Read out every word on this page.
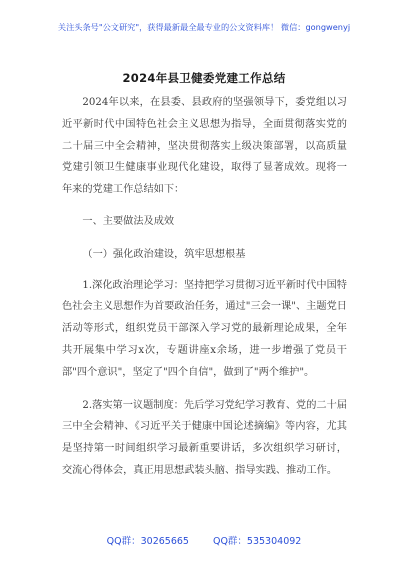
关注头条号"公文研究"，获得最新最全最专业的公文资料库！ 微信：gongwenyj
2024年县卫健委党建工作总结

2024年以来，在县委、县政府的坚强领导下，委党组以习近平新时代中国特色社会主义思想为指导，全面贯彻落实党的二十届三中全会精神，坚决贯彻落实上级决策部署，以高质量党建引领卫生健康事业现代化建设，取得了显著成效。现将一年来的党建工作总结如下：

一、主要做法及成效

（一）强化政治建设，筑牢思想根基

1.深化政治理论学习：坚持把学习贯彻习近平新时代中国特色社会主义思想作为首要政治任务，通过"三会一课"、主题党日活动等形式，组织党员干部深入学习党的最新理论成果，全年共开展集中学习x次，专题讲座x余场，进一步增强了党员干部"四个意识"，坚定了"四个自信"，做到了"两个维护"。

2.落实第一议题制度：先后学习党纪学习教育、党的二十届三中全会精神、《习近平关于健康中国论述摘编》等内容，尤其是坚持第一时间组织学习最新重要讲话，多次组织学习研讨，交流心得体会，真正用思想武装头脑、指导实践、推动工作。

QQ群：30265665	QQ群：535304092
